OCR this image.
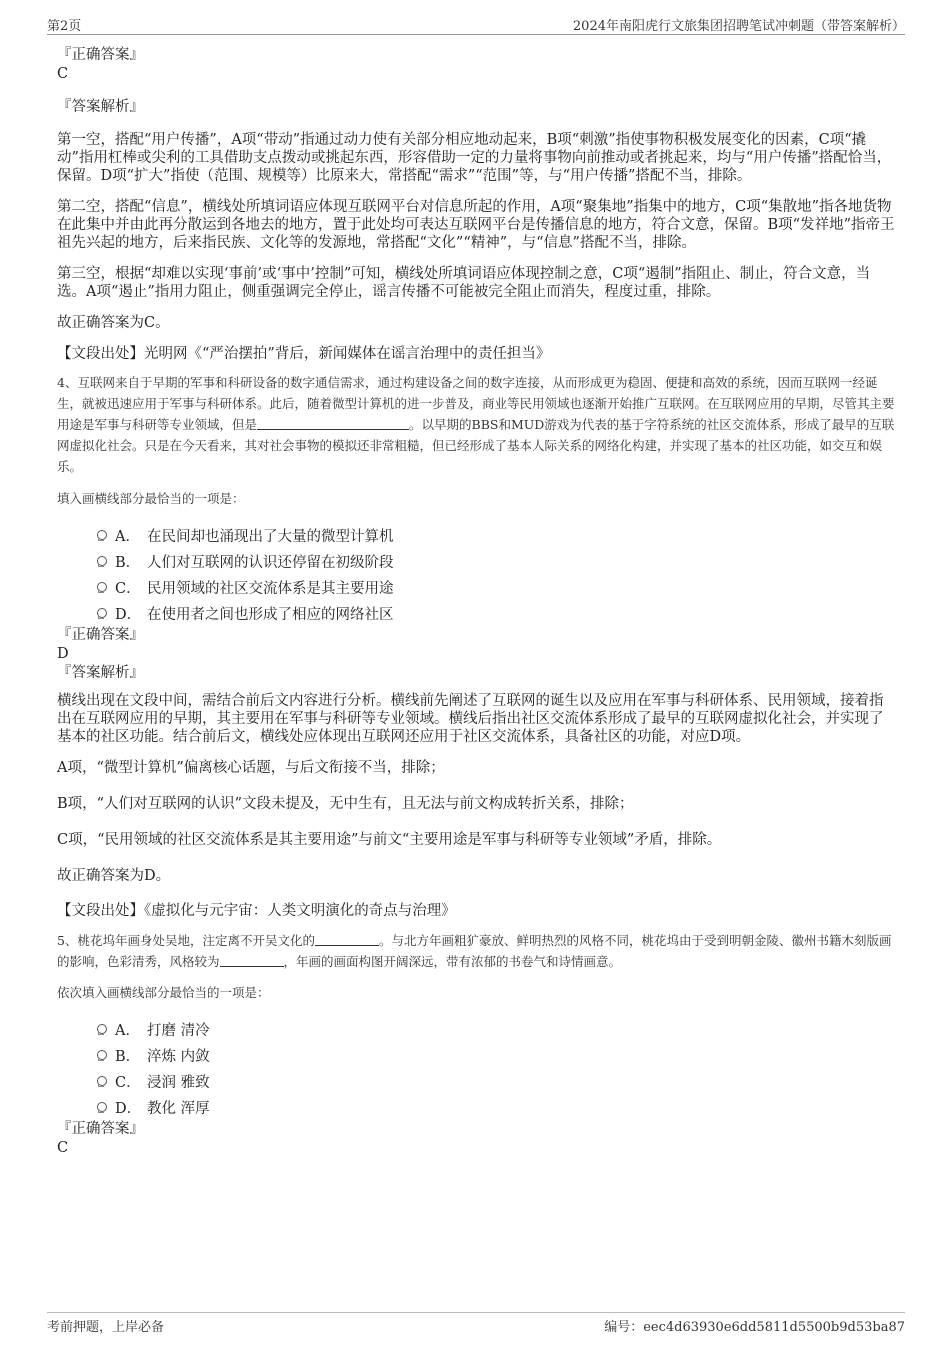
第2页	2024年南阳虎行文旅集团招聘笔试冲刺题（带答案解析）
『正确答案』
C
『答案解析』

第一空，搭配“用户传播”，A项“带动”指通过动力使有关部分相应地动起来，B项“刺激”指使事物积极发展变化的因素，C项“撬动”指用杠棒或尖利的工具借助支点拨动或挑起东西，形容借助一定的力量将事物向前推动或者挑起来，均与“用户传播”搭配恰当，保留。D项“扩大”指使（范围、规模等）比原来大，常搭配“需求”“范围”等，与“用户传播”搭配不当，排除。

第二空，搭配“信息”，横线处所填词语应体现互联网平台对信息所起的作用，A项“聚集地”指集中的地方，C项“集散地”指各地货物在此集中并由此再分散运到各地去的地方，置于此处均可表达互联网平台是传播信息的地方，符合文意，保留。B项“发祥地”指帝王祖先兴起的地方，后来指民族、文化等的发源地，常搭配“文化”“精神”，与“信息”搭配不当，排除。

第三空，根据“却难以实现‘事前’或‘事中’控制”可知，横线处所填词语应体现控制之意，C项“遏制”指阻止、制止，符合文意，当选。A项“遏止”指用力阻止，侧重强调完全停止，谣言传播不可能被完全阻止而消失，程度过重，排除。

故正确答案为C。

【文段出处】光明网《“严治摆拍”背后，新闻媒体在谣言治理中的责任担当》

4、互联网来自于早期的军事和科研设备的数字通信需求，通过构建设备之间的数字连接，从而形成更为稳固、便捷和高效的系统，因而互联网一经诞生，就被迅速应用于军事与科研体系。此后，随着微型计算机的进一步普及，商业等民用领域也逐渐开始推广互联网。在互联网应用的早期，尽管其主要用途是军事与科研等专业领域，但是	。以早期的BBS和MUD游戏为代表的基于字符系统的社区交流体系，形成了最早的互联网虚拟化社会。只是在今天看来，其对社会事物的模拟还非常粗糙，但已经形成了基本人际关系的网络化构建，并实现了基本的社区功能，如交互和娱乐。

填入画横线部分最恰当的一项是：

A． 在民间却也涌现出了大量的微型计算机
B． 人们对互联网的认识还停留在初级阶段
C． 民用领域的社区交流体系是其主要用途
D． 在使用者之间也形成了相应的网络社区
『正确答案』
D
『答案解析』

横线出现在文段中间，需结合前后文内容进行分析。横线前先阐述了互联网的诞生以及应用在军事与科研体系、民用领域，接着指出在互联网应用的早期，其主要用在军事与科研等专业领域。横线后指出社区交流体系形成了最早的互联网虚拟化社会，并实现了基本的社区功能。结合前后文，横线处应体现出互联网还应用于社区交流体系，具备社区的功能，对应D项。

A项，“微型计算机”偏离核心话题，与后文衔接不当，排除；

B项，“人们对互联网的认识”文段未提及，无中生有，且无法与前文构成转折关系，排除；

C项，“民用领域的社区交流体系是其主要用途”与前文“主要用途是军事与科研等专业领域”矛盾，排除。

故正确答案为D。

【文段出处】《虚拟化与元宇宙：人类文明演化的奇点与治理》

5、桃花坞年画身处吴地，注定离不开吴文化的	。与北方年画粗犷豪放、鲜明热烈的风格不同，桃花坞由于受到明朝金陵、徽州书籍木刻版画的影响，色彩清秀，风格较为	，年画的画面构图开阔深远，带有浓郁的书卷气和诗情画意。

依次填入画横线部分最恰当的一项是：

A． 打磨 清冷
B． 淬炼 内敛
C． 浸润 雅致
D． 教化 浑厚
『正确答案』
C
考前押题，上岸必备	编号：eec4d63930e6dd5811d5500b9d53ba87
